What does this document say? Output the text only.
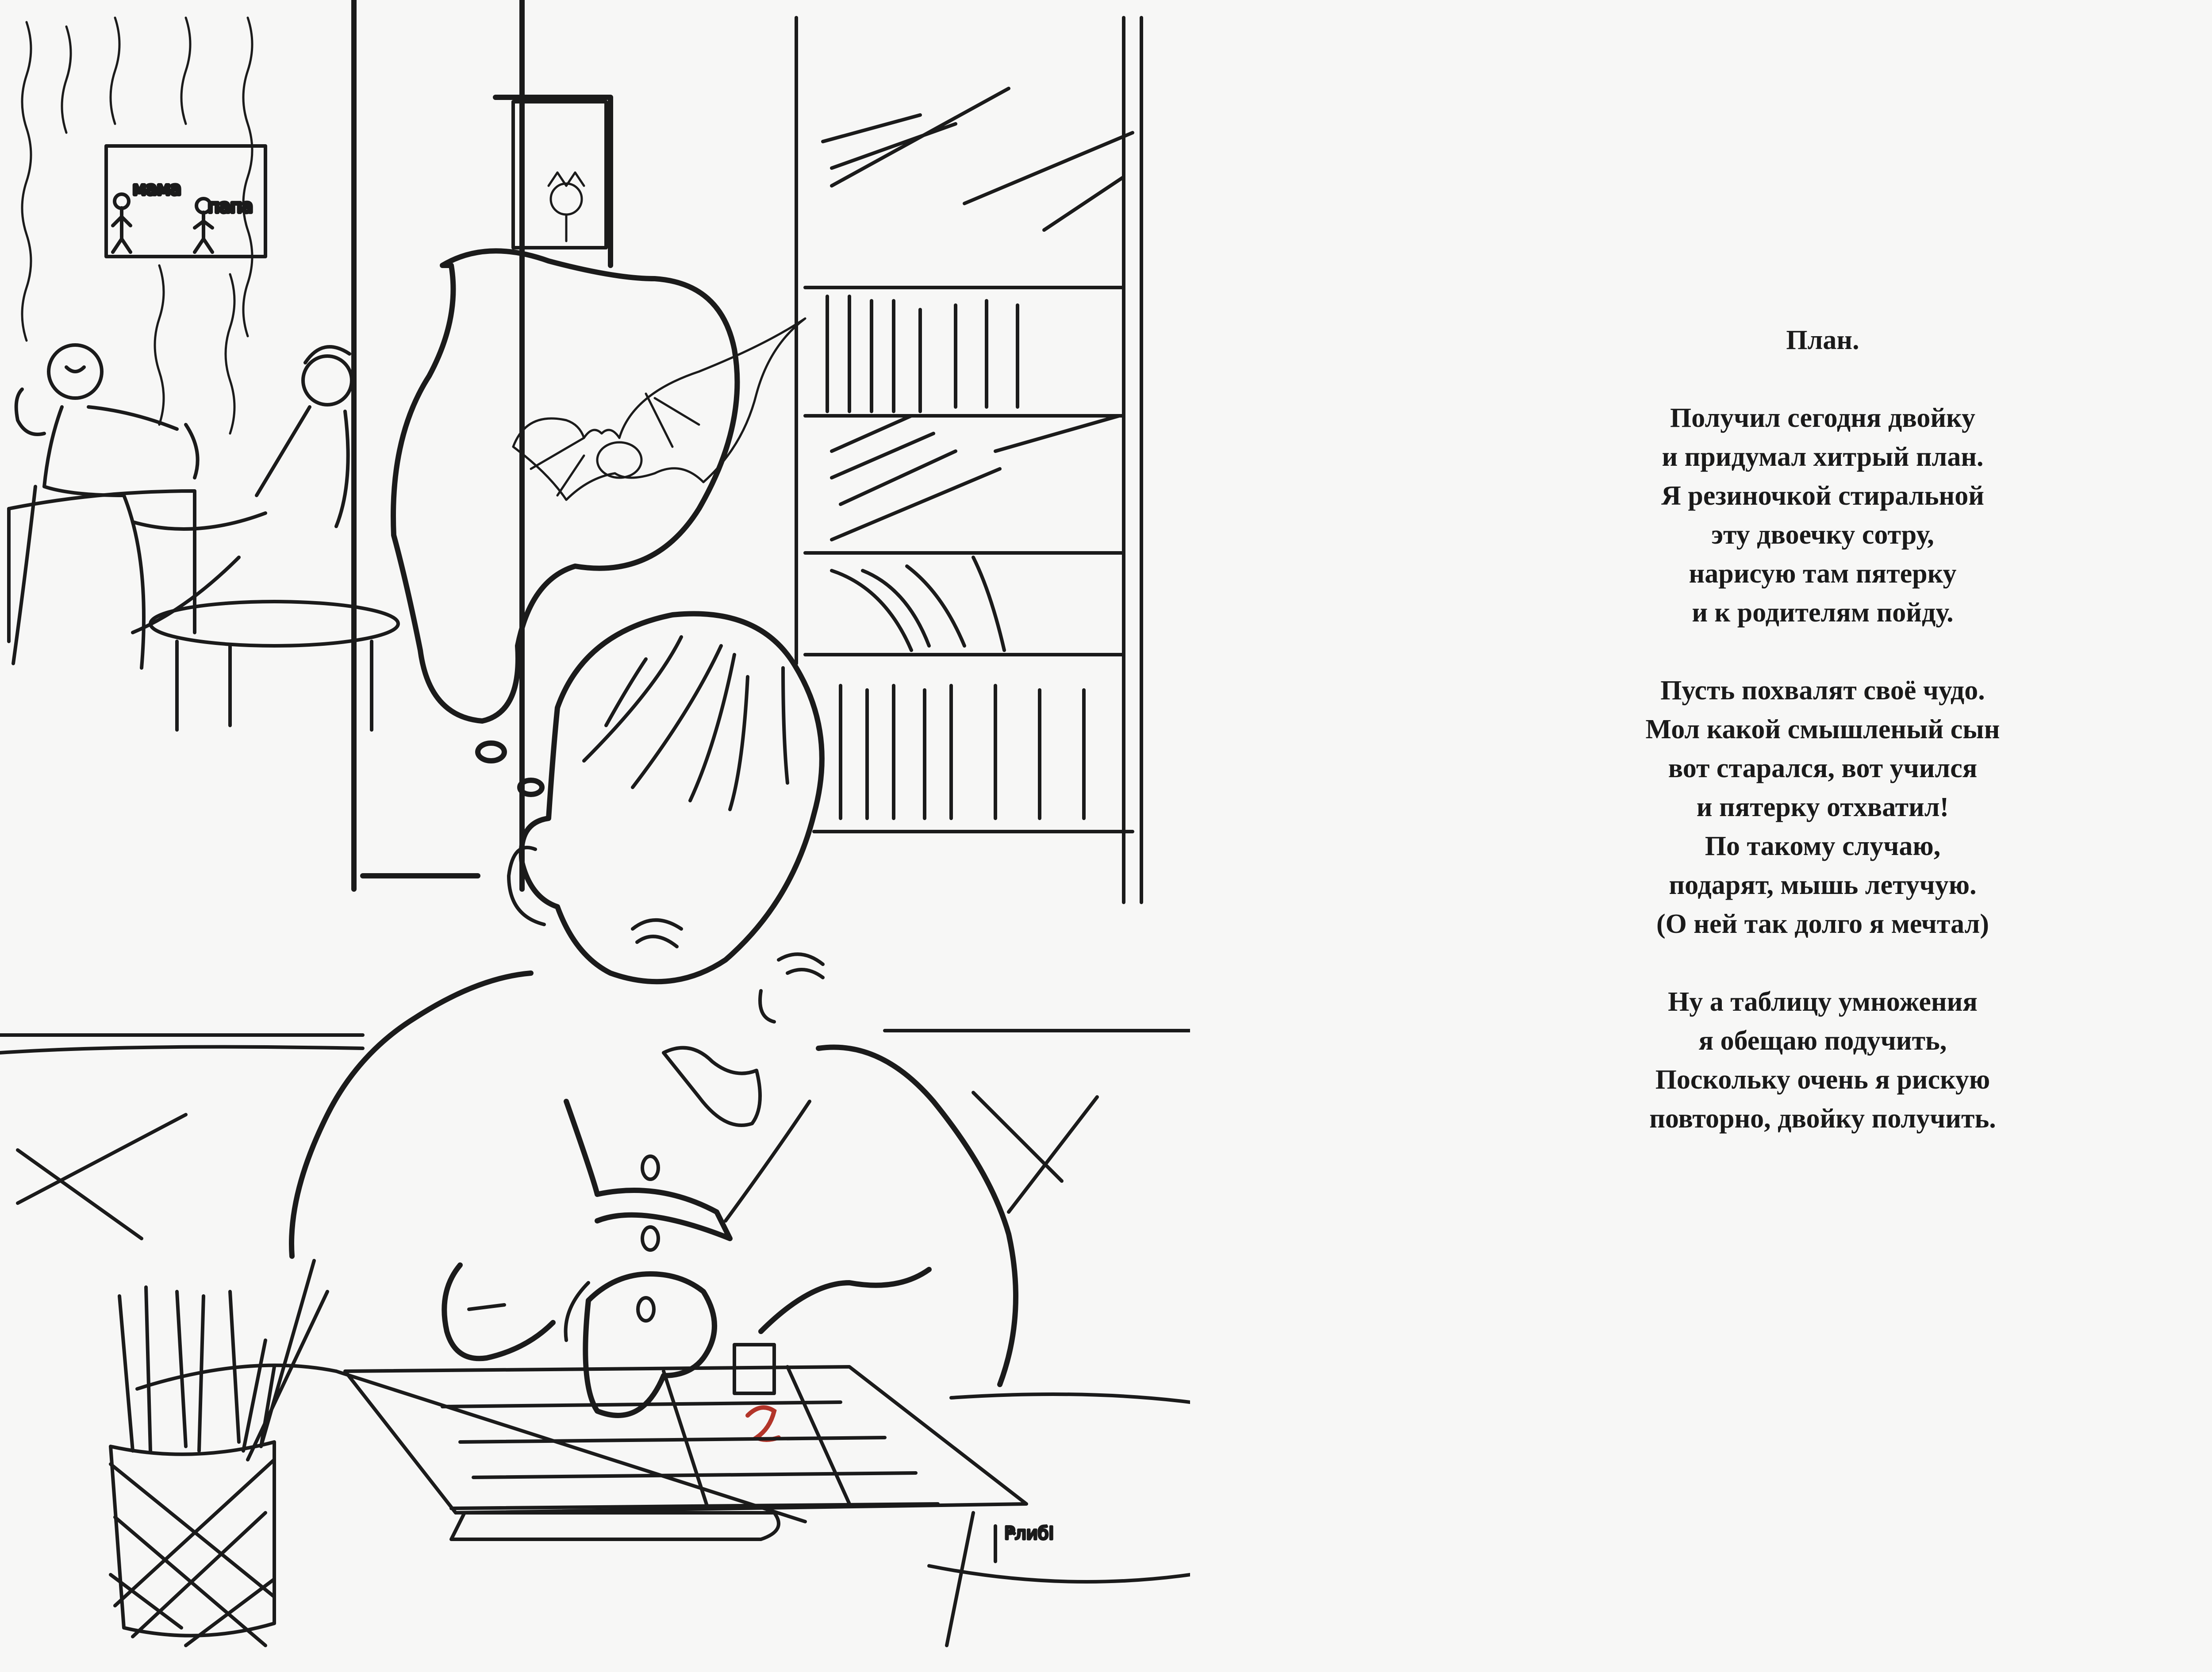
мама
папа
ҎлибӀ
План.
Получил сегодня двойку
и придумал хитрый план.
Я резиночкой стиральной
эту двоечку сотру,
нарисую там пятерку
и к родителям пойду.
Пусть похвалят своё чудо.
Мол какой смышленый сын
вот старался, вот учился
и пятерку отхватил!
По такому случаю,
подарят, мышь летучую.
(О ней так долго я мечтал)
Ну а таблицу умножения
я обещаю подучить,
Поскольку очень я рискую
повторно, двойку получить.
